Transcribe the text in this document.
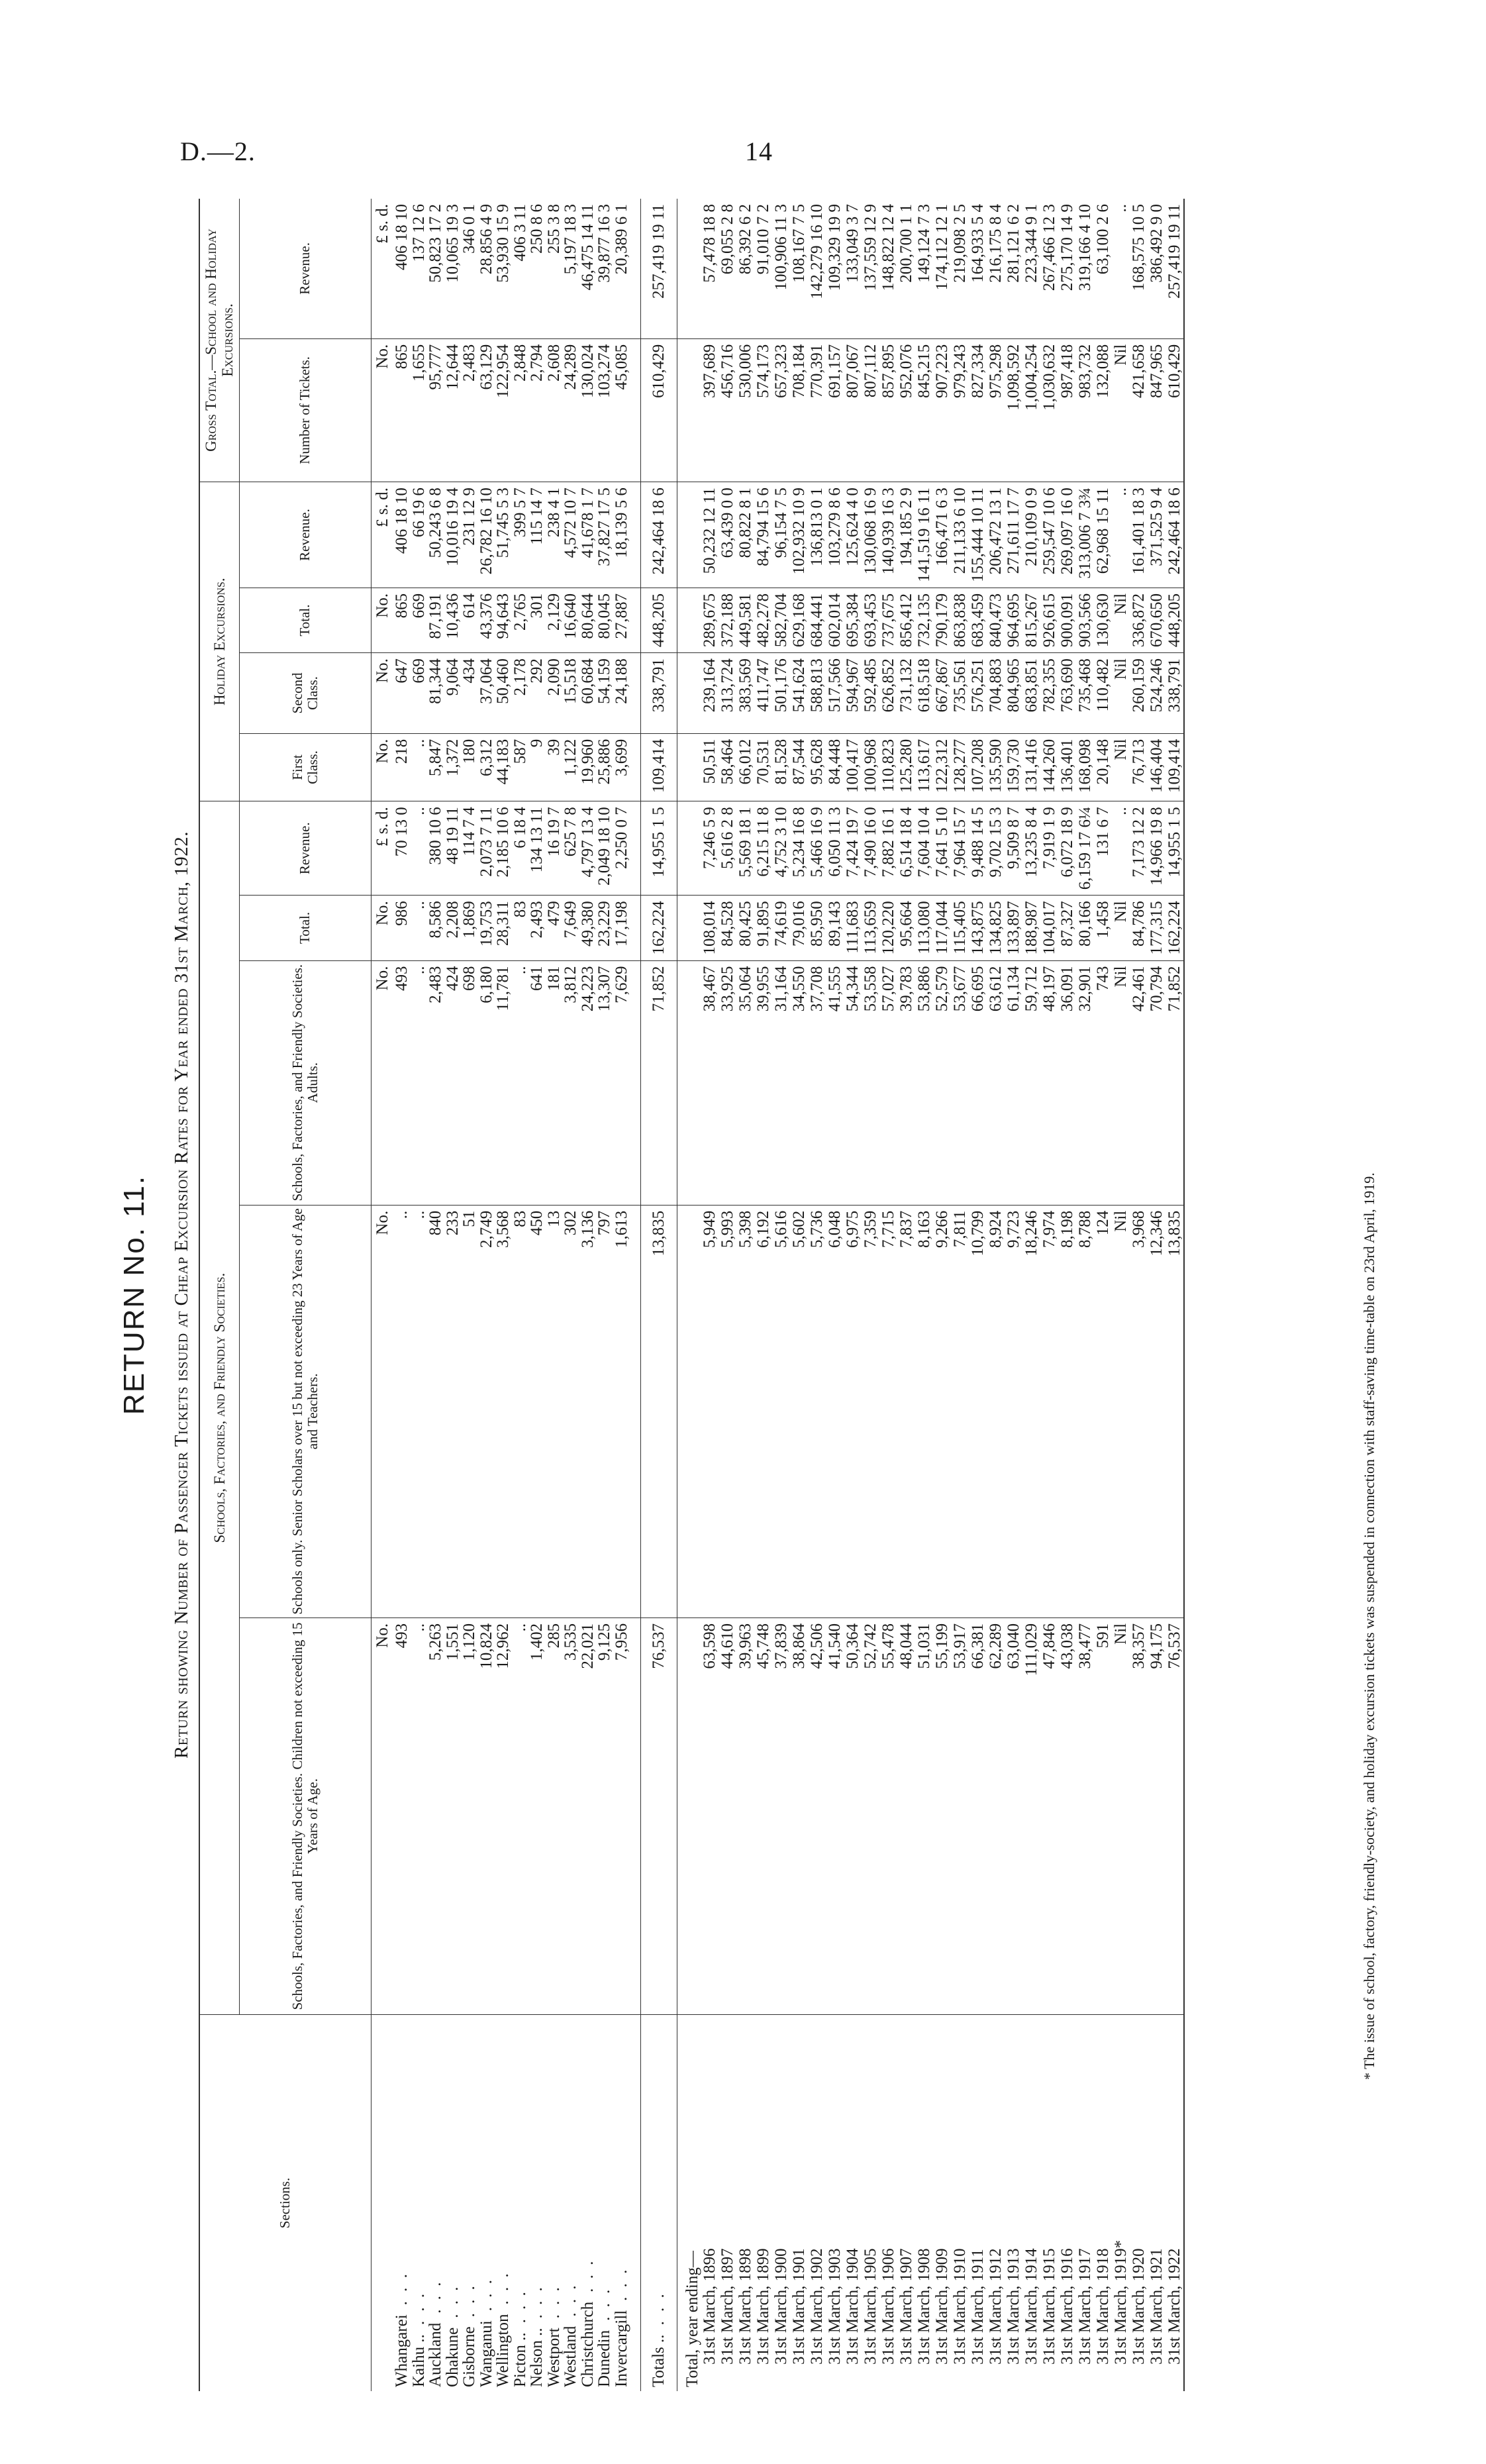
D.—2.	14
RETURN No. 11. Return showing Number of Passenger Tickets issued at Cheap Excursion Rates for Year ended 31st March, 1922.
Sections.	Schools, Factories, and Friendly Societies.					Holiday Excursions.				Gross Total.—School and Holiday Excursions.	
	Schools, Factories, and Friendly Societies. Children not exceeding 15 Years of Age.	Schools only. Senior Scholars over 15 but not exceeding 23 Years of Age and Teachers.	Schools, Factories, and Friendly Societies. Adults.	Total.	Revenue.	First Class.	Second Class.	Total.	Revenue.	Number of Tickets.	Revenue.
	No.	No.	No.	No.	£ s. d.	No.	No.	No.	£ s. d.	No.	£ s. d.
Whangarei. . .	493	..	493	986	70 13 0	218	647	865	406 18 10	865	406 18 10
Kaihu ... . .	..	..	..	..	..	..	669	669	66 19 6	1,655	137 12 6
Auckland. . .	5,263	840	2,483	8,586	380 10 6	5,847	81,344	87,191	50,243 6 8	95,777	50,823 17 2
Ohakune. . .	1,551	233	424	2,208	48 19 11	1,372	9,064	10,436	10,016 19 4	12,644	10,065 19 3
Gisborne. . .	1,120	51	698	1,869	114 7 4	180	434	614	231 12 9	2,483	346 0 1
Wanganui. . .	10,824	2,749	6,180	19,753	2,073 7 11	6,312	37,064	43,376	26,782 16 10	63,129	28,856 4 9
Wellington. . .	12,962	3,568	11,781	28,311	2,185 10 6	44,183	50,460	94,643	51,745 5 3	122,954	53,930 15 9
Picton ... . .	..	83	..	83	6 18 4	587	2,178	2,765	399 5 7	2,848	406 3 11
Nelson ... . .	1,402	450	641	2,493	134 13 11	9	292	301	115 14 7	2,794	250 8 6
Westport. . .	285	13	181	479	16 19 7	39	2,090	2,129	238 4 1	2,608	255 3 8
Westland. . .	3,535	302	3,812	7,649	625 7 8	1,122	15,518	16,640	4,572 10 7	24,289	5,197 18 3
Christchurch. . .	22,021	3,136	24,223	49,380	4,797 13 4	19,960	60,684	80,644	41,678 1 7	130,024	46,475 14 11
Dunedin. . .	9,125	797	13,307	23,229	2,049 18 10	25,886	54,159	80,045	37,827 17 5	103,274	39,877 16 3
Invercargill. . .	7,956	1,613	7,629	17,198	2,250 0 7	3,699	24,188	27,887	18,139 5 6	45,085	20,389 6 1

Totals ... . .	76,537	13,835	71,852	162,224	14,955 1 5	109,414	338,791	448,205	242,464 18 6	610,429	257,419 19 11
Total, year ending—											
31st March, 1896	63,598	5,949	38,467	108,014	7,246 5 9	50,511	239,164	289,675	50,232 12 11	397,689	57,478 18 8
31st March, 1897	44,610	5,993	33,925	84,528	5,616 2 8	58,464	313,724	372,188	63,439 0 0	456,716	69,055 2 8
31st March, 1898	39,963	5,398	35,064	80,425	5,569 18 1	66,012	383,569	449,581	80,822 8 1	530,006	86,392 6 2
31st March, 1899	45,748	6,192	39,955	91,895	6,215 11 8	70,531	411,747	482,278	84,794 15 6	574,173	91,010 7 2
31st March, 1900	37,839	5,616	31,164	74,619	4,752 3 10	81,528	501,176	582,704	96,154 7 5	657,323	100,906 11 3
31st March, 1901	38,864	5,602	34,550	79,016	5,234 16 8	87,544	541,624	629,168	102,932 10 9	708,184	108,167 7 5
31st March, 1902	42,506	5,736	37,708	85,950	5,466 16 9	95,628	588,813	684,441	136,813 0 1	770,391	142,279 16 10
31st March, 1903	41,540	6,048	41,555	89,143	6,050 11 3	84,448	517,566	602,014	103,279 8 6	691,157	109,329 19 9
31st March, 1904	50,364	6,975	54,344	111,683	7,424 19 7	100,417	594,967	695,384	125,624 4 0	807,067	133,049 3 7
31st March, 1905	52,742	7,359	53,558	113,659	7,490 16 0	100,968	592,485	693,453	130,068 16 9	807,112	137,559 12 9
31st March, 1906	55,478	7,715	57,027	120,220	7,882 16 1	110,823	626,852	737,675	140,939 16 3	857,895	148,822 12 4
31st March, 1907	48,044	7,837	39,783	95,664	6,514 18 4	125,280	731,132	856,412	194,185 2 9	952,076	200,700 1 1
31st March, 1908	51,031	8,163	53,886	113,080	7,604 10 4	113,617	618,518	732,135	141,519 16 11	845,215	149,124 7 3
31st March, 1909	55,199	9,266	52,579	117,044	7,641 5 10	122,312	667,867	790,179	166,471 6 3	907,223	174,112 12 1
31st March, 1910	53,917	7,811	53,677	115,405	7,964 15 7	128,277	735,561	863,838	211,133 6 10	979,243	219,098 2 5
31st March, 1911	66,381	10,799	66,695	143,875	9,488 14 5	107,208	576,251	683,459	155,444 10 11	827,334	164,933 5 4
31st March, 1912	62,289	8,924	63,612	134,825	9,702 15 3	135,590	704,883	840,473	206,472 13 1	975,298	216,175 8 4
31st March, 1913	63,040	9,723	61,134	133,897	9,509 8 7	159,730	804,965	964,695	271,611 17 7	1,098,592	281,121 6 2
31st March, 1914	111,029	18,246	59,712	188,987	13,235 8 4	131,416	683,851	815,267	210,109 0 9	1,004,254	223,344 9 1
31st March, 1915	47,846	7,974	48,197	104,017	7,919 1 9	144,260	782,355	926,615	259,547 10 6	1,030,632	267,466 12 3
31st March, 1916	43,038	8,198	36,091	87,327	6,072 18 9	136,401	763,690	900,091	269,097 16 0	987,418	275,170 14 9
31st March, 1917	38,477	8,788	32,901	80,166	6,159 17 6¼	168,098	735,468	903,566	313,006 7 3¾	983,732	319,166 4 10
31st March, 1918	591	124	743	1,458	131 6 7	20,148	110,482	130,630	62,968 15 11	132,088	63,100 2 6
31st March, 1919*	Nil	Nil	Nil	Nil	..	Nil	Nil	Nil	..	Nil	..
31st March, 1920	38,357	3,968	42,461	84,786	7,173 12 2	76,713	260,159	336,872	161,401 18 3	421,658	168,575 10 5
31st March, 1921	94,175	12,346	70,794	177,315	14,966 19 8	146,404	524,246	670,650	371,525 9 4	847,965	386,492 9 0
31st March, 1922	76,537	13,835	71,852	162,224	14,955 1 5	109,414	338,791	448,205	242,464 18 6	610,429	257,419 19 11
* The issue of school, factory, friendly-society, and holiday excursion tickets was suspended in connection with staff-saving time-table on 23rd April, 1919.
